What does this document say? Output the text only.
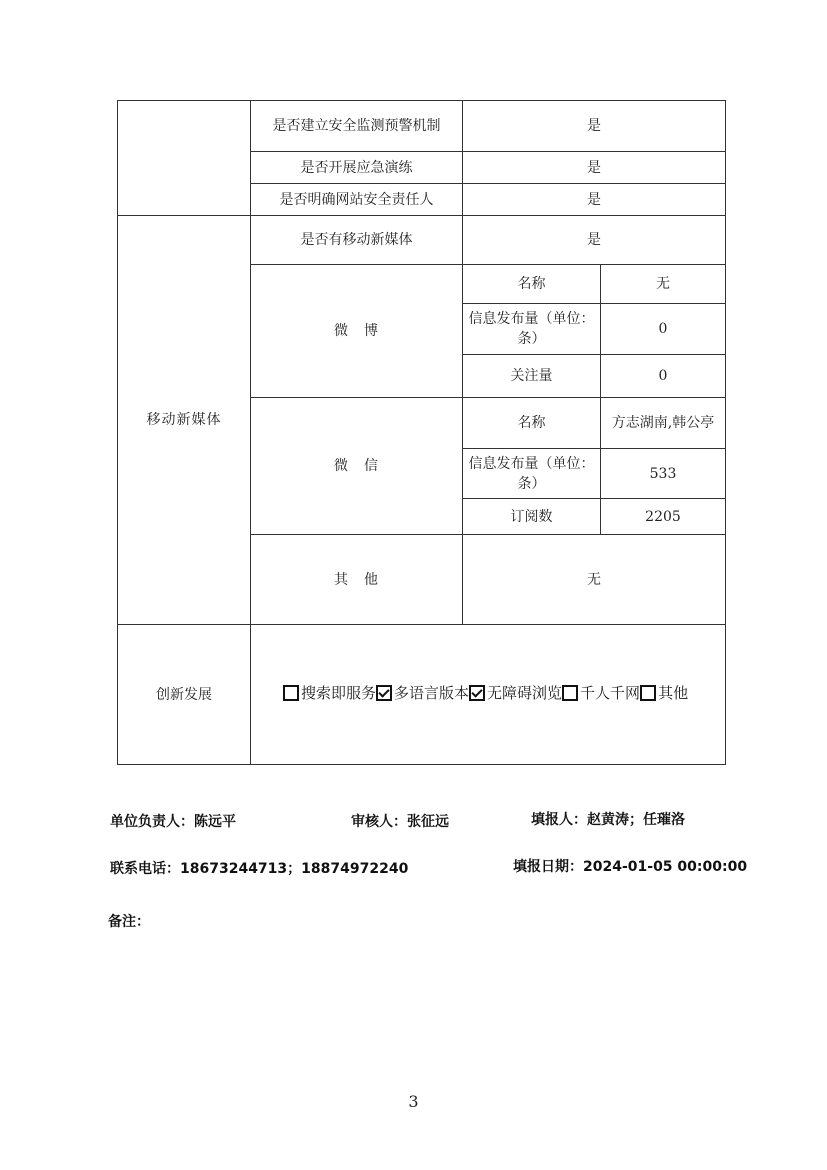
	是否建立安全监测预警机制	是	
	是否开展应急演练	是	
	是否明确网站安全责任人	是	
移动新媒体	是否有移动新媒体	是	
	微　博	名称	无
		信息发布量（单位：条）	0
		关注量	0
	微　信	名称	方志湖南,韩公亭
		信息发布量（单位：条）	533
		订阅数	2205
	其　他	无	
创新发展	搜索即服务 多语言版本 无障碍浏览 千人千网 其他		
单位负责人：陈远平	审核人：张征远	填报人：赵黄涛；任璀洛
联系电话：18673244713；18874972240	填报日期：2024-01-05 00:00:00
备注：
3
